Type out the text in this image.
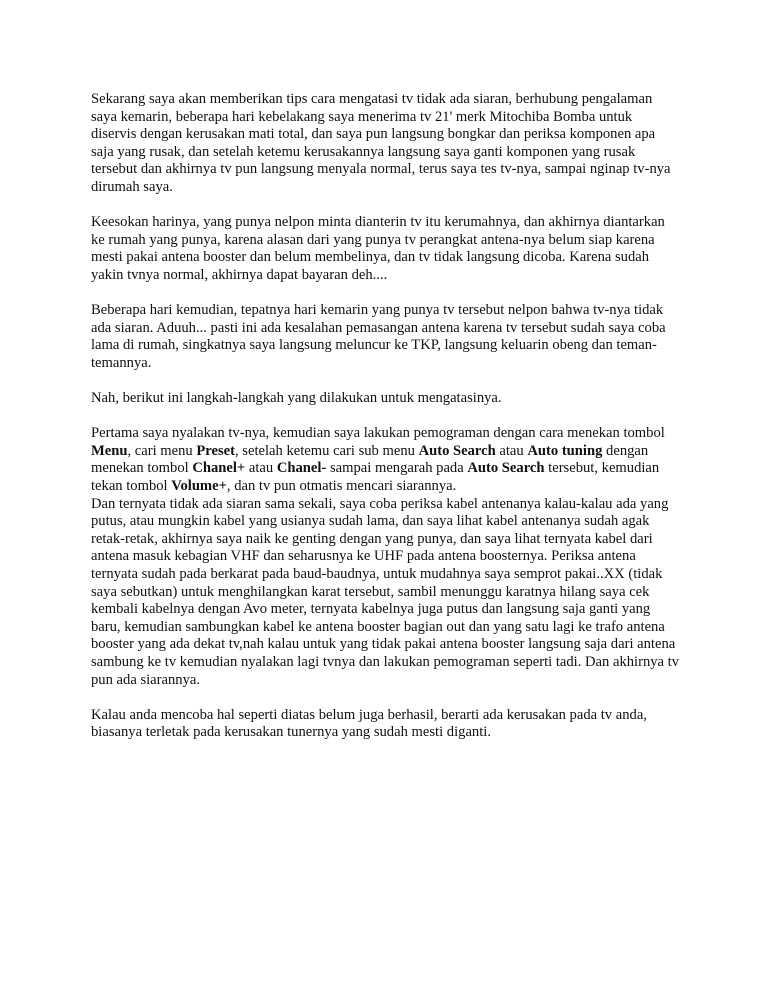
Sekarang saya akan memberikan tips cara mengatasi tv tidak ada siaran, berhubung pengalaman saya kemarin, beberapa hari kebelakang saya menerima tv 21' merk Mitochiba Bomba untuk diservis dengan kerusakan mati total, dan saya pun langsung bongkar dan periksa komponen apa saja yang rusak, dan setelah ketemu kerusakannya langsung saya ganti komponen yang rusak tersebut dan akhirnya tv pun langsung menyala normal, terus saya tes tv-nya, sampai nginap tv-nya dirumah saya.

Keesokan harinya, yang punya nelpon minta dianterin tv itu kerumahnya, dan akhirnya diantarkan ke rumah yang punya, karena alasan dari yang punya tv perangkat antena-nya belum siap karena mesti pakai antena booster dan belum membelinya, dan tv tidak langsung dicoba. Karena sudah yakin tvnya normal, akhirnya dapat bayaran deh....

Beberapa hari kemudian, tepatnya hari kemarin yang punya tv tersebut nelpon bahwa tv-nya tidak ada siaran. Aduuh... pasti ini ada kesalahan pemasangan antena karena tv tersebut sudah saya coba lama di rumah, singkatnya saya langsung meluncur ke TKP, langsung keluarin obeng dan teman-temannya.

Nah, berikut ini langkah-langkah yang dilakukan untuk mengatasinya.

Pertama saya nyalakan tv-nya, kemudian saya lakukan pemograman dengan cara menekan tombol Menu, cari menu Preset, setelah ketemu cari sub menu Auto Search atau Auto tuning dengan menekan tombol Chanel+ atau Chanel- sampai mengarah pada Auto Search tersebut, kemudian tekan tombol Volume+, dan tv pun otmatis mencari siarannya.

Dan ternyata tidak ada siaran sama sekali, saya coba periksa kabel antenanya kalau-kalau ada yang putus, atau mungkin kabel yang usianya sudah lama, dan saya lihat kabel antenanya sudah agak retak-retak, akhirnya saya naik ke genting dengan yang punya, dan saya lihat ternyata kabel dari antena masuk kebagian VHF dan seharusnya ke UHF pada antena boosternya. Periksa antena ternyata sudah pada berkarat pada baud-baudnya, untuk mudahnya saya semprot pakai..XX (tidak saya sebutkan) untuk menghilangkan karat tersebut, sambil menunggu karatnya hilang saya cek kembali kabelnya dengan Avo meter, ternyata kabelnya juga putus dan langsung saja ganti yang baru, kemudian sambungkan kabel ke antena booster bagian out dan yang satu lagi ke trafo antena booster yang ada dekat tv,nah kalau untuk yang tidak pakai antena booster langsung saja dari antena sambung ke tv kemudian nyalakan lagi tvnya dan lakukan pemograman seperti tadi. Dan akhirnya tv pun ada siarannya.

Kalau anda mencoba hal seperti diatas belum juga berhasil, berarti ada kerusakan pada tv anda, biasanya terletak pada kerusakan tunernya yang sudah mesti diganti.
